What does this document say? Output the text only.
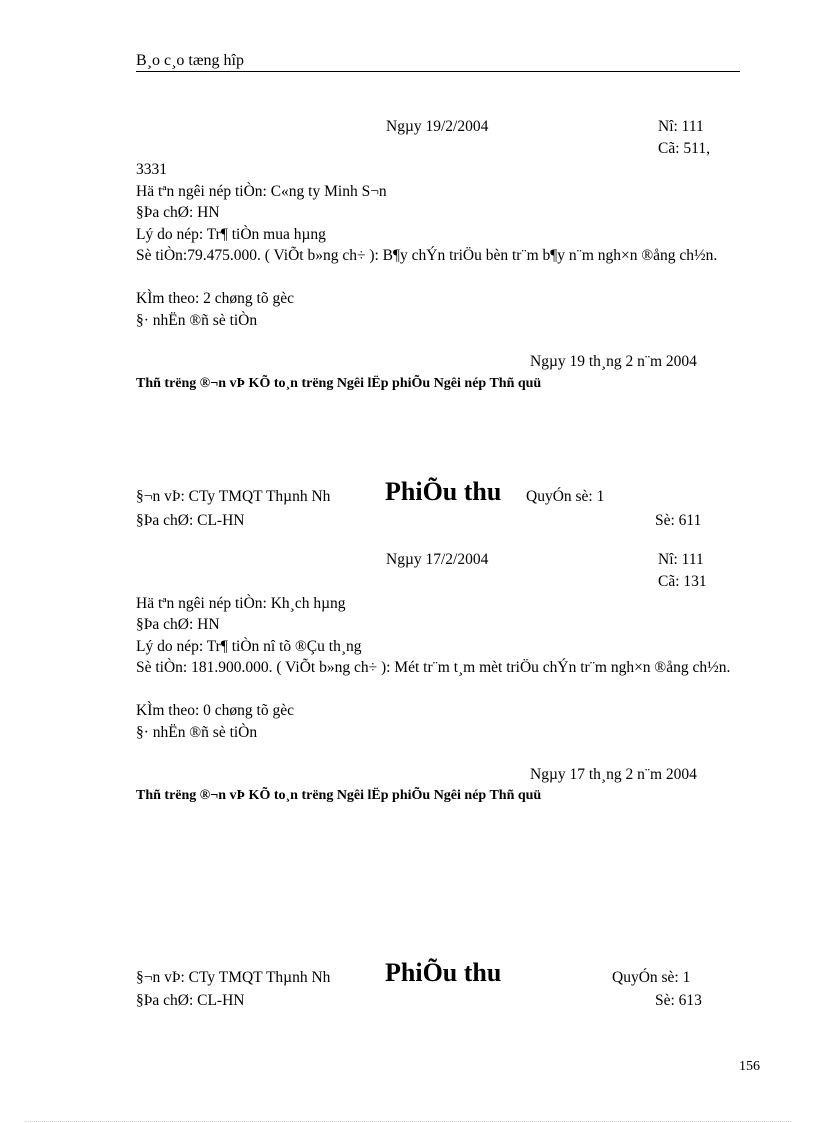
B¸o c¸o tæng hîp
Ngµy 19/2/2004	Nî: 111
Cã: 511,
3331
Hä tªn ngêi nép tiÒn: C«ng ty Minh S¬n
§Þa chØ: HN
Lý do nép: Tr¶ tiÒn mua hµng
Sè tiÒn:79.475.000. ( ViÕt b»ng ch÷ ): B¶y chÝn triÖu bèn tr¨m b¶y n¨m ngh×n ®ång ch½n.
KÌm theo: 2 chøng tõ gèc
§· nhËn ®ñ sè tiÒn
Ngµy 19 th¸ng 2 n¨m 2004
Thñ trëng ®¬n vÞ KÕ to¸n trëng Ngêi lËp phiÕu Ngêi nép Thñ quü
§¬n vÞ: CTy TMQT Thµnh Nh PhiÕu thu QuyÓn sè: 1
§Þa chØ: CL-HN	Sè: 611
Ngµy 17/2/2004	Nî: 111
Cã: 131
Hä tªn ngêi nép tiÒn: Kh¸ch hµng
§Þa chØ: HN
Lý do nép: Tr¶ tiÒn nî tõ ®Çu th¸ng
Sè tiÒn: 181.900.000. ( ViÕt b»ng ch÷ ): Mét tr¨m t¸m mèt triÖu chÝn tr¨m ngh×n ®ång ch½n.
KÌm theo: 0 chøng tõ gèc
§· nhËn ®ñ sè tiÒn
Ngµy 17 th¸ng 2 n¨m 2004
Thñ trëng ®¬n vÞ KÕ to¸n trëng Ngêi lËp phiÕu Ngêi nép Thñ quü
§¬n vÞ: CTy TMQT Thµnh Nh PhiÕu thu	QuyÓn sè: 1
§Þa chØ: CL-HN	Sè: 613
156
